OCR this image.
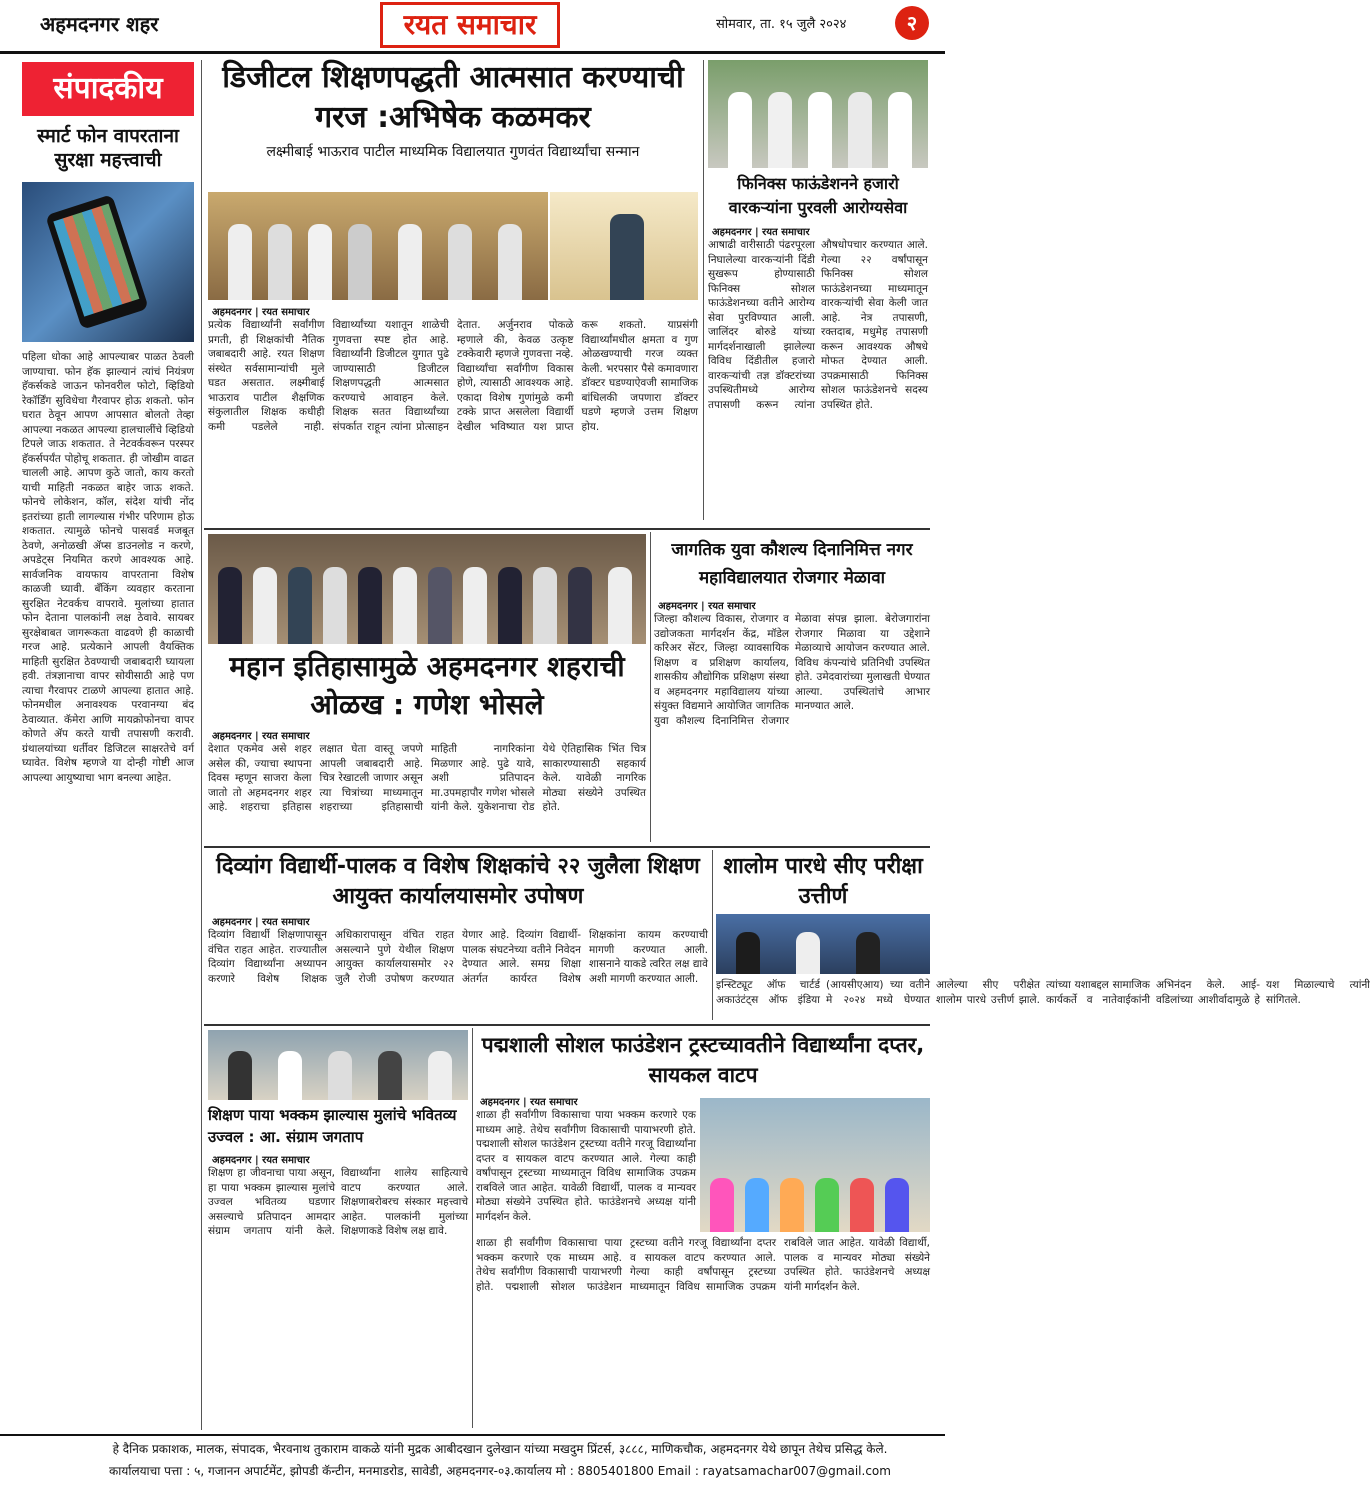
अहमदनगर शहर	रयत समाचार	सोमवार, ता. १५ जुलै २०२४	२
संपादकीय
स्मार्ट फोन वापरताना सुरक्षा महत्त्वाची
पहिला धोका आहे आपल्याबर पाळत ठेवली जाण्याचा. फोन हॅक झाल्यानं त्यांचं नियंत्रण हॅकर्सकडे जाऊन फोनवरील फोटो, व्हिडियो रेकॉर्डिंग सुविधेचा गैरवापर होऊ शकतो. फोन घरात ठेवून आपण आपसात बोलतो तेव्हा आपल्या नकळत आपल्या हालचालींचे व्हिडियो टिपले जाऊ शकतात. ते नेटवर्कवरून परस्पर हॅकर्सपर्यंत पोहोचू शकतात. ही जोखीम वाढत चालली आहे. आपण कुठे जातो, काय करतो याची माहिती नकळत बाहेर जाऊ शकते. फोनचे लोकेशन, कॉल, संदेश यांची नोंद इतरांच्या हाती लागल्यास गंभीर परिणाम होऊ शकतात. त्यामुळे फोनचे पासवर्ड मजबूत ठेवणे, अनोळखी ॲप्स डाउनलोड न करणे, अपडेट्स नियमित करणे आवश्यक आहे. सार्वजनिक वायफाय वापरताना विशेष काळजी घ्यावी. बँकिंग व्यवहार करताना सुरक्षित नेटवर्कच वापरावे. मुलांच्या हातात फोन देताना पालकांनी लक्ष ठेवावे. सायबर सुरक्षेबाबत जागरूकता वाढवणे ही काळाची गरज आहे. प्रत्येकाने आपली वैयक्तिक माहिती सुरक्षित ठेवण्याची जबाबदारी घ्यायला हवी. तंत्रज्ञानाचा वापर सोयीसाठी आहे पण त्याचा गैरवापर टाळणे आपल्या हातात आहे. फोनमधील अनावश्यक परवानग्या बंद ठेवाव्यात. कॅमेरा आणि मायक्रोफोनचा वापर कोणते ॲप करते याची तपासणी करावी. ग्रंथालयांच्या धर्तीवर डिजिटल साक्षरतेचे वर्ग घ्यावेत. विशेष म्हणजे या दोन्ही गोष्टी आज आपल्या आयुष्याचा भाग बनल्या आहेत.
डिजीटल शिक्षणपद्धती आत्मसात करण्याची गरज :अभिषेक कळमकर
लक्ष्मीबाई भाऊराव पाटील माध्यमिक विद्यालयात गुणवंत विद्यार्थ्यांचा सन्मान
अहमदनगर | रयत समाचार
प्रत्येक विद्यार्थ्यांनी सर्वांगीण प्रगती, ही शिक्षकांची नैतिक जबाबदारी आहे. रयत शिक्षण संस्थेत सर्वसामान्यांची मुले घडत असतात. लक्ष्मीबाई भाऊराव पाटील शैक्षणिक संकुलातील शिक्षक कधीही कमी पडलेले नाही. विद्यार्थ्यांच्या यशातून शाळेची गुणवत्ता स्पष्ट होत आहे. विद्यार्थ्यांनी डिजीटल युगात पुढे जाण्यासाठी डिजीटल शिक्षणपद्धती आत्मसात करण्याचे आवाहन केले. शिक्षक सतत विद्यार्थ्यांच्या संपर्कात राहून त्यांना प्रोत्साहन देतात. अर्जुनराव पोकळे म्हणाले की, केवळ उत्कृष्ट टक्केवारी म्हणजे गुणवत्ता नव्हे. विद्यार्थ्यांचा सर्वांगीण विकास होणे, त्यासाठी आवश्यक आहे. एकादा विशेष गुणांमुळे कमी टक्के प्राप्त असलेला विद्यार्थी देखील भविष्यात यश प्राप्त करू शकतो. याप्रसंगी विद्यार्थ्यांमधील क्षमता व गुण ओळखण्याची गरज व्यक्त केली. भरपसार पैसे कमावणारा डॉक्टर घडण्याऐवजी सामाजिक बांधिलकी जपणारा डॉक्टर घडणे म्हणजे उत्तम शिक्षण होय.
फिनिक्स फाऊंडेशनने हजारो वारकऱ्यांना पुरवली आरोग्यसेवा
अहमदनगर | रयत समाचार
आषाढी वारीसाठी पंढरपूरला निघालेल्या वारकऱ्यांनी दिंडी सुखरूप होण्यासाठी फिनिक्स सोशल फाऊंडेशनच्या वतीने आरोग्य सेवा पुरविण्यात आली. जालिंदर बोरुडे यांच्या मार्गदर्शनाखाली झालेल्या विविध दिंडीतील हजारो वारकऱ्यांची तज्ञ डॉक्टरांच्या उपस्थितीमध्ये आरोग्य तपासणी करून त्यांना औषधोपचार करण्यात आले. गेल्या २२ वर्षांपासून फिनिक्स सोशल फाऊंडेशनच्या माध्यमातून वारकऱ्यांची सेवा केली जात आहे. नेत्र तपासणी, रक्तदाब, मधुमेह तपासणी करून आवश्यक औषधे मोफत देण्यात आली. उपक्रमासाठी फिनिक्स सोशल फाऊंडेशनचे सदस्य उपस्थित होते.
महान इतिहासामुळे अहमदनगर शहराची ओळख : गणेश भोसले
अहमदनगर | रयत समाचार
देशात एकमेव असे शहर असेल की, ज्याचा स्थापना दिवस म्हणून साजरा केला जातो तो अहमदनगर शहर आहे. शहराचा इतिहास लक्षात घेता वास्तू जपणे आपली जबाबदारी आहे. चित्र रेखाटली जाणार असून त्या चित्रांच्या माध्यमातून शहराच्या इतिहासाची माहिती नागरिकांना मिळणार आहे. पुढे यावे, अशी प्रतिपादन मा.उपमहापौर गणेश भोसले यांनी केले. युकेशनाचा रोड येथे ऐतिहासिक भिंत चित्र साकारण्यासाठी सहकार्य केले. यावेळी नागरिक मोठ्या संख्येने उपस्थित होते.
जागतिक युवा कौशल्य दिनानिमित्त नगर महाविद्यालयात रोजगार मेळावा
अहमदनगर | रयत समाचार
जिल्हा कौशल्य विकास, रोजगार व उद्योजकता मार्गदर्शन केंद्र, मॉडेल करिअर सेंटर, जिल्हा व्यावसायिक शिक्षण व प्रशिक्षण कार्यालय, शासकीय औद्योगिक प्रशिक्षण संस्था व अहमदनगर महाविद्यालय यांच्या संयुक्त विद्यमाने आयोजित जागतिक युवा कौशल्य दिनानिमित्त रोजगार मेळावा संपन्न झाला. बेरोजगारांना रोजगार मिळावा या उद्देशाने मेळाव्याचे आयोजन करण्यात आले. विविध कंपन्यांचे प्रतिनिधी उपस्थित होते. उमेदवारांच्या मुलाखती घेण्यात आल्या. उपस्थितांचे आभार मानण्यात आले.
दिव्यांग विद्यार्थी-पालक व विशेष शिक्षकांचे २२ जुलैला शिक्षण आयुक्त कार्यालयासमोर उपोषण
अहमदनगर | रयत समाचार
दिव्यांग विद्यार्थी शिक्षणापासून वंचित राहत आहेत. राज्यातील दिव्यांग विद्यार्थ्यांना अध्यापन करणारे विशेष शिक्षक अधिकारापासून वंचित राहत असल्याने पुणे येथील शिक्षण आयुक्त कार्यालयासमोर २२ जुलै रोजी उपोषण करण्यात येणार आहे. दिव्यांग विद्यार्थी-पालक संघटनेच्या वतीने निवेदन देण्यात आले. समग्र शिक्षा अंतर्गत कार्यरत विशेष शिक्षकांना कायम करण्याची मागणी करण्यात आली. शासनाने याकडे त्वरित लक्ष द्यावे अशी मागणी करण्यात आली.
शालोम पारधे सीए परीक्षा उत्तीर्ण
इन्स्टिट्यूट ऑफ चार्टर्ड अकाउंटंट्स ऑफ इंडिया (आयसीएआय) च्या वतीने मे २०२४ मध्ये घेण्यात आलेल्या सीए परीक्षेत शालोम पारधे उत्तीर्ण झाले. त्यांच्या यशाबद्दल सामाजिक कार्यकर्ते व नातेवाईकांनी अभिनंदन केले. आई-वडिलांच्या आशीर्वादामुळे हे यश मिळाल्याचे त्यांनी सांगितले.
शिक्षण पाया भक्कम झाल्यास मुलांचे भवितव्य उज्वल : आ. संग्राम जगताप
अहमदनगर | रयत समाचार
शिक्षण हा जीवनाचा पाया असून, हा पाया भक्कम झाल्यास मुलांचे उज्वल भवितव्य घडणार असल्याचे प्रतिपादन आमदार संग्राम जगताप यांनी केले. विद्यार्थ्यांना शालेय साहित्याचे वाटप करण्यात आले. शिक्षणाबरोबरच संस्कार महत्त्वाचे आहेत. पालकांनी मुलांच्या शिक्षणाकडे विशेष लक्ष द्यावे.
पद्मशाली सोशल फाउंडेशन ट्रस्टच्यावतीने विद्यार्थ्यांना दप्तर, सायकल वाटप
अहमदनगर | रयत समाचार
शाळा ही सर्वांगीण विकासाचा पाया भक्कम करणारे एक माध्यम आहे. तेथेच सर्वांगीण विकासाची पायाभरणी होते. पद्मशाली सोशल फाउंडेशन ट्रस्टच्या वतीने गरजू विद्यार्थ्यांना दप्तर व सायकल वाटप करण्यात आले. गेल्या काही वर्षांपासून ट्रस्टच्या माध्यमातून विविध सामाजिक उपक्रम राबविले जात आहेत. यावेळी विद्यार्थी, पालक व मान्यवर मोठ्या संख्येने उपस्थित होते. फाउंडेशनचे अध्यक्ष यांनी मार्गदर्शन केले.
शाळा ही सर्वांगीण विकासाचा पाया भक्कम करणारे एक माध्यम आहे. तेथेच सर्वांगीण विकासाची पायाभरणी होते. पद्मशाली सोशल फाउंडेशन ट्रस्टच्या वतीने गरजू विद्यार्थ्यांना दप्तर व सायकल वाटप करण्यात आले. गेल्या काही वर्षांपासून ट्रस्टच्या माध्यमातून विविध सामाजिक उपक्रम राबविले जात आहेत. यावेळी विद्यार्थी, पालक व मान्यवर मोठ्या संख्येने उपस्थित होते. फाउंडेशनचे अध्यक्ष यांनी मार्गदर्शन केले.
हे दैनिक प्रकाशक, मालक, संपादक, भैरवनाथ तुकाराम वाकळे यांनी मुद्रक आबीदखान दुलेखान यांच्या मखदुम प्रिंटर्स, ३८८८, माणिकचौक, अहमदनगर येथे छापून तेथेच प्रसिद्ध केले.
कार्यालयाचा पत्ता : ५, गजानन अपार्टमेंट, झोपडी कॅन्टीन, मनमाडरोड, सावेडी, अहमदनगर-०३.कार्यालय मो : 8805401800 Email : rayatsamachar007@gmail.com
